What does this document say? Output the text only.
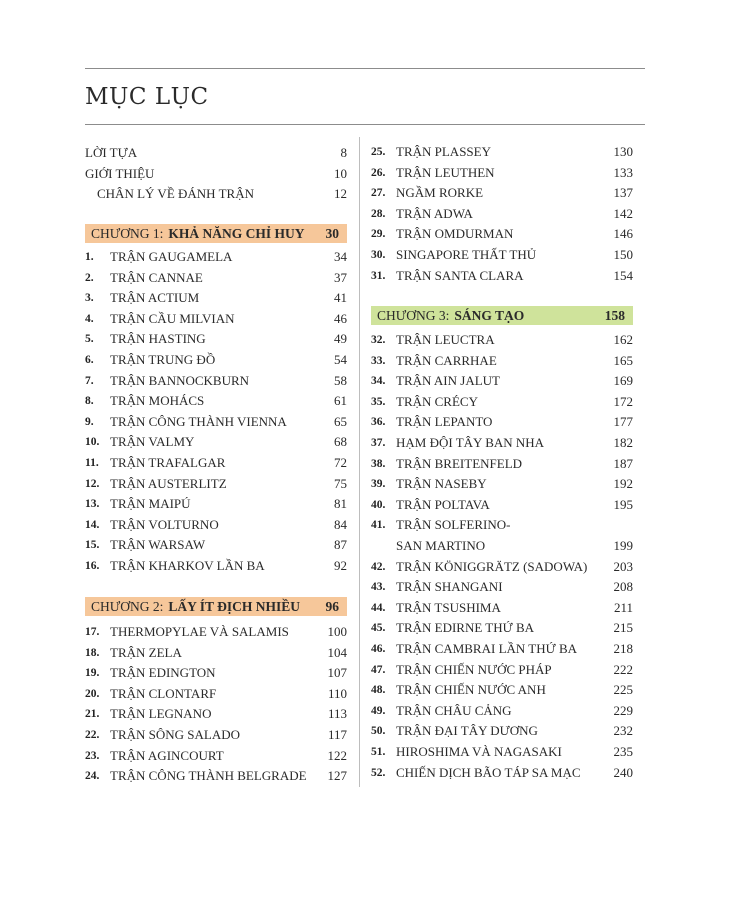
MỤC LỤC
LỜI TỰA	8
GIỚI THIỆU	10
CHÂN LÝ VỀ ĐÁNH TRẬN	12
CHƯƠNG 1: KHẢ NĂNG CHỈ HUY	30
1.	TRẬN GAUGAMELA	34
2.	TRẬN CANNAE	37
3.	TRẬN ACTIUM	41
4.	TRẬN CẦU MILVIAN	46
5.	TRẬN HASTING	49
6.	TRẬN TRUNG ĐỒ	54
7.	TRẬN BANNOCKBURN	58
8.	TRẬN MOHÁCS	61
9.	TRẬN CÔNG THÀNH VIENNA	65
10. TRẬN VALMY	68
11. TRẬN TRAFALGAR	72
12. TRẬN AUSTERLITZ	75
13. TRẬN MAIPÚ	81
14. TRẬN VOLTURNO	84
15. TRẬN WARSAW	87
16. TRẬN KHARKOV LẦN BA	92
CHƯƠNG 2: LẤY ÍT ĐỊCH NHIỀU	96
17. THERMOPYLAE VÀ SALAMIS	100
18. TRẬN ZELA	104
19. TRẬN EDINGTON	107
20. TRẬN CLONTARF	110
21. TRẬN LEGNANO	113
22. TRẬN SÔNG SALADO	117
23. TRẬN AGINCOURT	122
24. TRẬN CÔNG THÀNH BELGRADE	127
25. TRẬN PLASSEY	130
26. TRẬN LEUTHEN	133
27. NGẦM RORKE	137
28. TRẬN ADWA	142
29. TRẬN OMDURMAN	146
30. SINGAPORE THẤT THỦ	150
31. TRẬN SANTA CLARA	154
CHƯƠNG 3: SÁNG TẠO	158
32. TRẬN LEUCTRA	162
33. TRẬN CARRHAE	165
34. TRẬN AIN JALUT	169
35. TRẬN CRÉCY	172
36. TRẬN LEPANTO	177
37. HẠM ĐỘI TÂY BAN NHA	182
38. TRẬN BREITENFELD	187
39. TRẬN NASEBY	192
40. TRẬN POLTAVA	195
41. TRẬN SOLFERINO-
SAN MARTINO	199
42. TRẬN KÖNIGGRÄTZ (SADOWA)	203
43. TRẬN SHANGANI	208
44. TRẬN TSUSHIMA	211
45. TRẬN EDIRNE THỨ BA	215
46. TRẬN CAMBRAI LẦN THỨ BA	218
47. TRẬN CHIẾN NƯỚC PHÁP	222
48. TRẬN CHIẾN NƯỚC ANH	225
49. TRẬN CHÂU CẢNG	229
50. TRẬN ĐẠI TÂY DƯƠNG	232
51. HIROSHIMA VÀ NAGASAKI	235
52. CHIẾN DỊCH BÃO TÁP SA MẠC	240
